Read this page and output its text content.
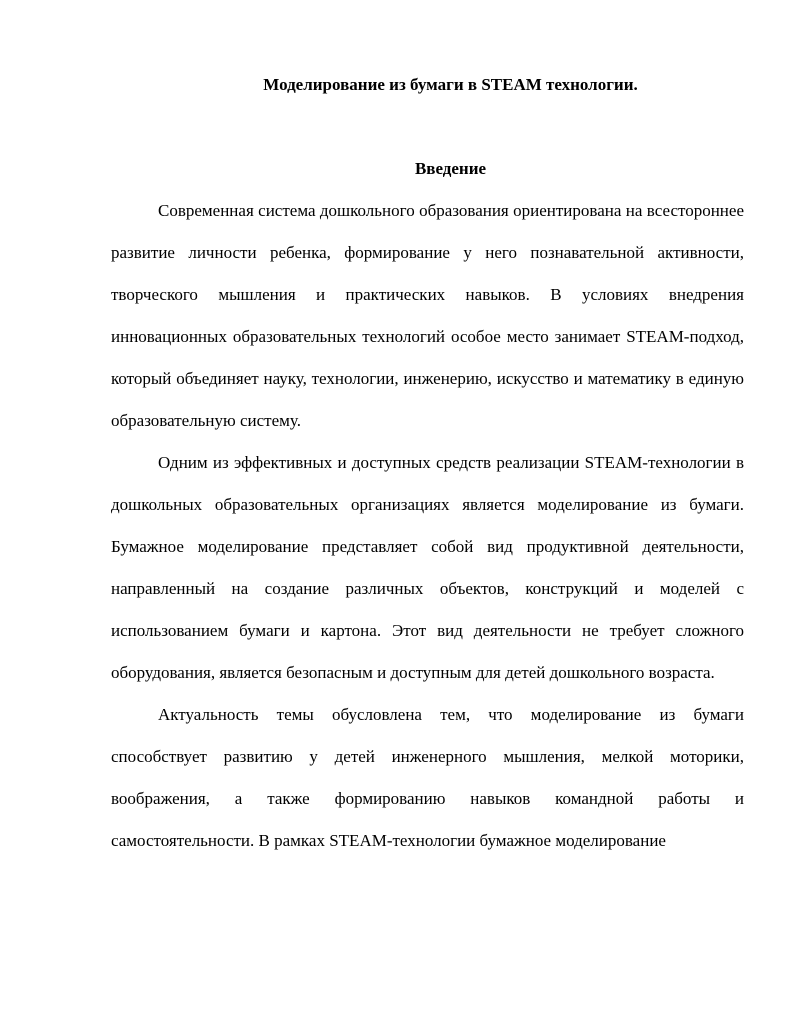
Моделирование из бумаги в STEAM технологии.
Введение

Современная система дошкольного образования ориентирована на всестороннее развитие личности ребенка, формирование у него познавательной активности, творческого мышления и практических навыков. В условиях внедрения инновационных образовательных технологий особое место занимает STEAM-подход, который объединяет науку, технологии, инженерию, искусство и математику в единую образовательную систему.

Одним из эффективных и доступных средств реализации STEAM-технологии в дошкольных образовательных организациях является моделирование из бумаги. Бумажное моделирование представляет собой вид продуктивной деятельности, направленный на создание различных объектов, конструкций и моделей с использованием бумаги и картона. Этот вид деятельности не требует сложного оборудования, является безопасным и доступным для детей дошкольного возраста.

Актуальность темы обусловлена тем, что моделирование из бумаги способствует развитию у детей инженерного мышления, мелкой моторики, воображения, а также формированию навыков командной работы и самостоятельности. В рамках STEAM-технологии бумажное моделирование
